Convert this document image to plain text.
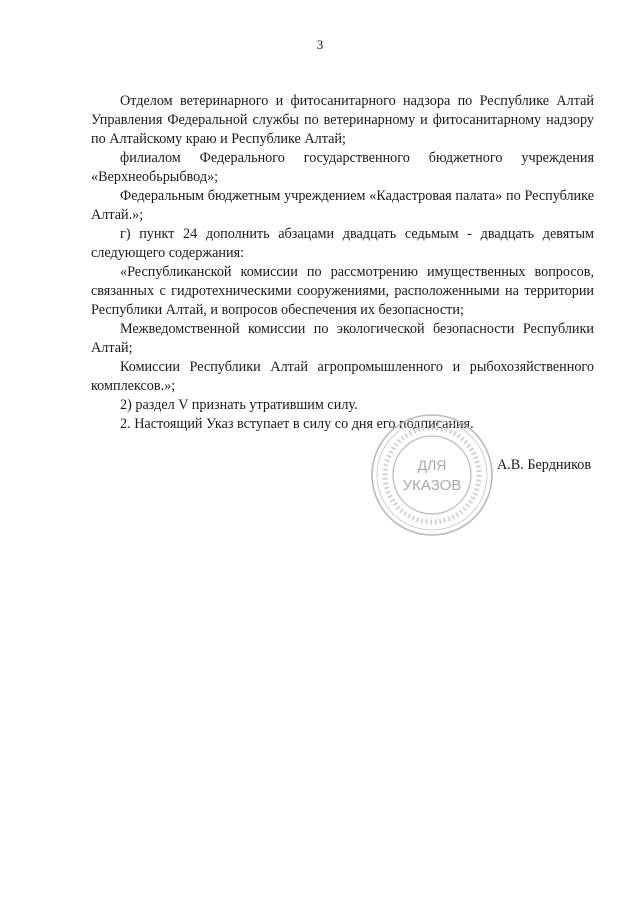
3

Отделом ветеринарного и фитосанитарного надзора по Республике Алтай Управления Федеральной службы по ветеринарному и фитосанитарному надзору по Алтайскому краю и Республике Алтай;

филиалом Федерального государственного бюджетного учреждения «Верхнеобьрыбвод»;

Федеральным бюджетным учреждением «Кадастровая палата» по Республике Алтай.»;

г) пункт 24 дополнить абзацами двадцать седьмым - двадцать девятым следующего содержания:

«Республиканской комиссии по рассмотрению имущественных вопросов, связанных с гидротехническими сооружениями, расположенными на территории Республики Алтай, и вопросов обеспечения их безопасности;

Межведомственной комиссии по экологической безопасности Республики Алтай;

Комиссии Республики Алтай агропромышленного и рыбохозяйственного комплексов.»;

2) раздел V признать утратившим силу.

2. Настоящий Указ вступает в силу со дня его подписания.

ДЛЯ
УКАЗОВ
А.В. Бердников
